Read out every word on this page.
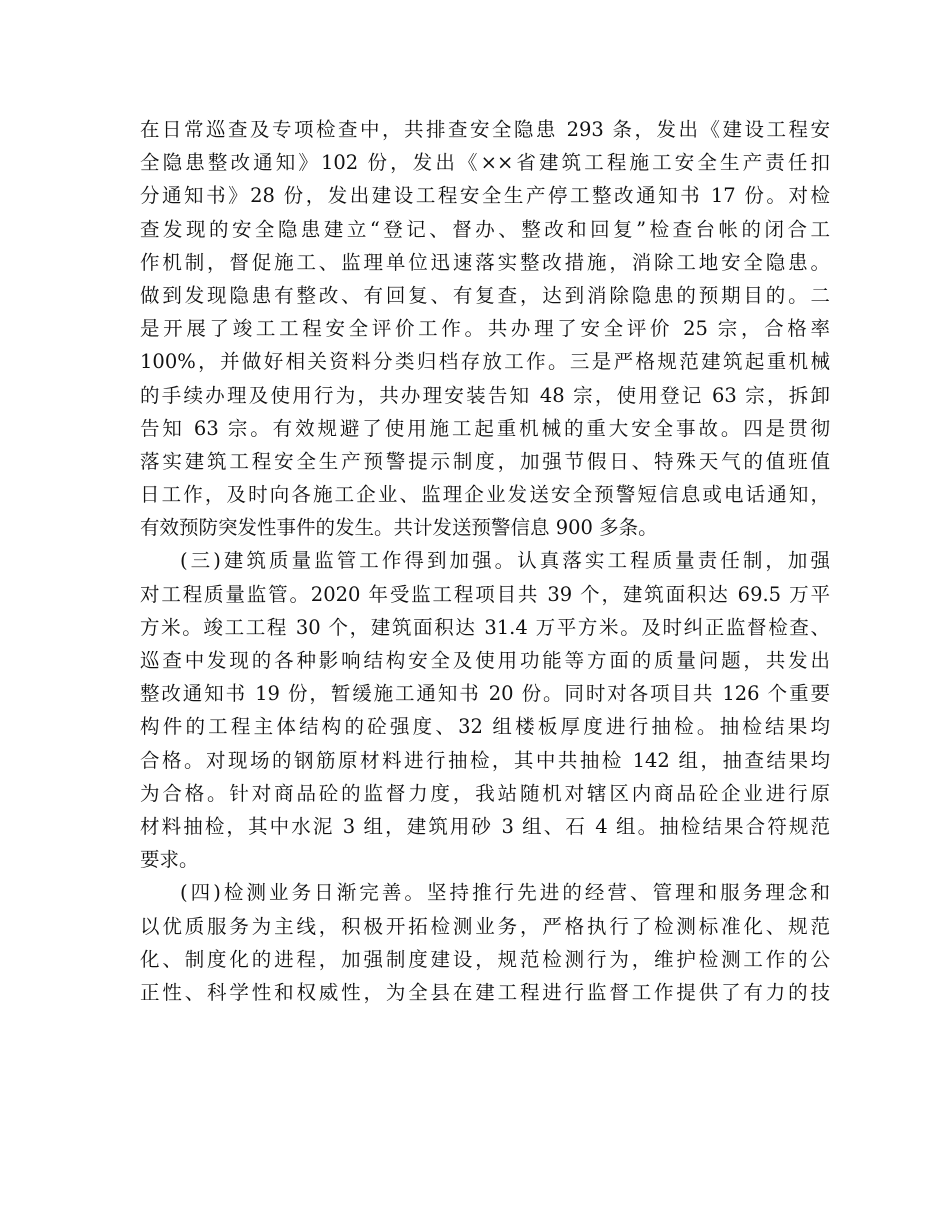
在日常巡查及专项检查中，共排查安全隐患 293 条，发出《建设工程安
全隐患整改通知》102 份，发出《××省建筑工程施工安全生产责任扣
分通知书》28 份，发出建设工程安全生产停工整改通知书 17 份。对检
查发现的安全隐患建立“登记、督办、整改和回复”检查台帐的闭合工
作机制，督促施工、监理单位迅速落实整改措施，消除工地安全隐患。
做到发现隐患有整改、有回复、有复查，达到消除隐患的预期目的。二
是开展了竣工工程安全评价工作。共办理了安全评价 25 宗，合格率
100%，并做好相关资料分类归档存放工作。三是严格规范建筑起重机械
的手续办理及使用行为，共办理安装告知 48 宗，使用登记 63 宗，拆卸
告知 63 宗。有效规避了使用施工起重机械的重大安全事故。四是贯彻
落实建筑工程安全生产预警提示制度，加强节假日、特殊天气的值班值
日工作，及时向各施工企业、监理企业发送安全预警短信息或电话通知，
有效预防突发性事件的发生。共计发送预警信息 900 多条。
(三)建筑质量监管工作得到加强。认真落实工程质量责任制，加强
对工程质量监管。2020 年受监工程项目共 39 个，建筑面积达 69.5 万平
方米。竣工工程 30 个，建筑面积达 31.4 万平方米。及时纠正监督检查、
巡查中发现的各种影响结构安全及使用功能等方面的质量问题，共发出
整改通知书 19 份，暂缓施工通知书 20 份。同时对各项目共 126 个重要
构件的工程主体结构的砼强度、32 组楼板厚度进行抽检。抽检结果均
合格。对现场的钢筋原材料进行抽检，其中共抽检 142 组，抽查结果均
为合格。针对商品砼的监督力度，我站随机对辖区内商品砼企业进行原
材料抽检，其中水泥 3 组，建筑用砂 3 组、石 4 组。抽检结果合符规范
要求。
(四)检测业务日渐完善。坚持推行先进的经营、管理和服务理念和
以优质服务为主线，积极开拓检测业务，严格执行了检测标准化、规范
化、制度化的进程，加强制度建设，规范检测行为，维护检测工作的公
正性、科学性和权威性，为全县在建工程进行监督工作提供了有力的技
